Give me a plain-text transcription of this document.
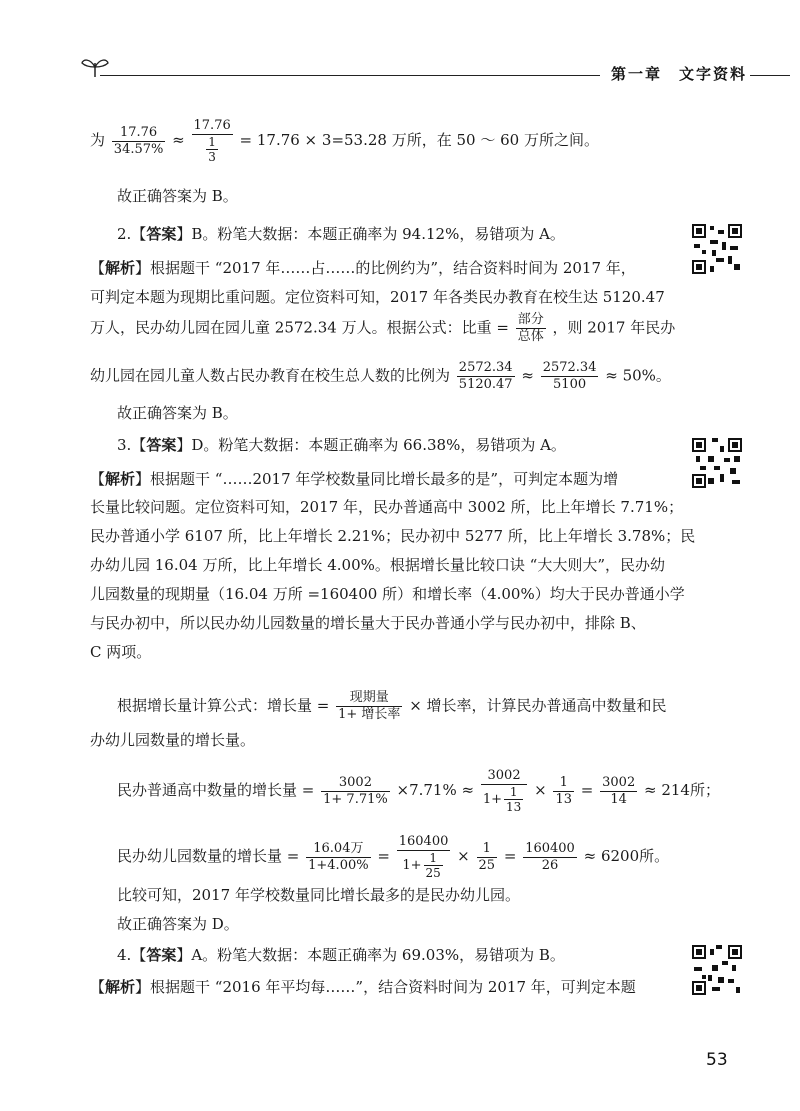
第一章　文字资料
为 $\frac{17.76}{34.57\%} \approx \frac{17.76}{\frac{1}{3}} = 17.76 \times 3=53.28$ 万所，在 50 ～ 60 万所之间。
故正确答案为 B。
2.【答案】B。粉笔大数据：本题正确率为 94.12%，易错项为 A。
【解析】根据题干 “2017 年……占……的比例约为”，结合资料时间为 2017 年，
可判定本题为现期比重问题。定位资料可知，2017 年各类民办教育在校生达 5120.47
万人，民办幼儿园在园儿童 2572.34 万人。根据公式：比重 = $\frac{\text{部分}}{\text{总体}}$ ，则 2017 年民办
幼儿园在园儿童人数占民办教育在校生总人数的比例为 $\frac{2572.34}{5120.47} \approx \frac{2572.34}{5100} \approx 50\%$。
故正确答案为 B。
3.【答案】D。粉笔大数据：本题正确率为 66.38%，易错项为 A。
【解析】根据题干 “……2017 年学校数量同比增长最多的是”，可判定本题为增
长量比较问题。定位资料可知，2017 年，民办普通高中 3002 所，比上年增长 7.71%；
民办普通小学 6107 所，比上年增长 2.21%；民办初中 5277 所，比上年增长 3.78%；民
办幼儿园 16.04 万所，比上年增长 4.00%。根据增长量比较口诀 “大大则大”，民办幼
儿园数量的现期量（16.04 万所 =160400 所）和增长率（4.00%）均大于民办普通小学
与民办初中，所以民办幼儿园数量的增长量大于民办普通小学与民办初中，排除 B、
C 两项。
根据增长量计算公式：增长量 = $\frac{\text{现期量}}{\text{1+ 增长率}}$ × 增长率，计算民办普通高中数量和民
办幼儿园数量的增长量。
民办普通高中数量的增长量 = $\frac{3002}{1+ 7.71\%} \times 7.71\% \approx \frac{3002}{1+ \frac{1}{13}} \times \frac{1}{13} = \frac{3002}{14} \approx 214$所；
民办幼儿园数量的增长量 = $\frac{\text{16.04万}}{1+4.00\%} = \frac{160400}{1+ \frac{1}{25}} \times \frac{1}{25} = \frac{160400}{26} \approx 6200$所。
比较可知，2017 年学校数量同比增长最多的是民办幼儿园。
故正确答案为 D。
4.【答案】A。粉笔大数据：本题正确率为 69.03%，易错项为 B。
【解析】根据题干 “2016 年平均每……”，结合资料时间为 2017 年，可判定本题
53
